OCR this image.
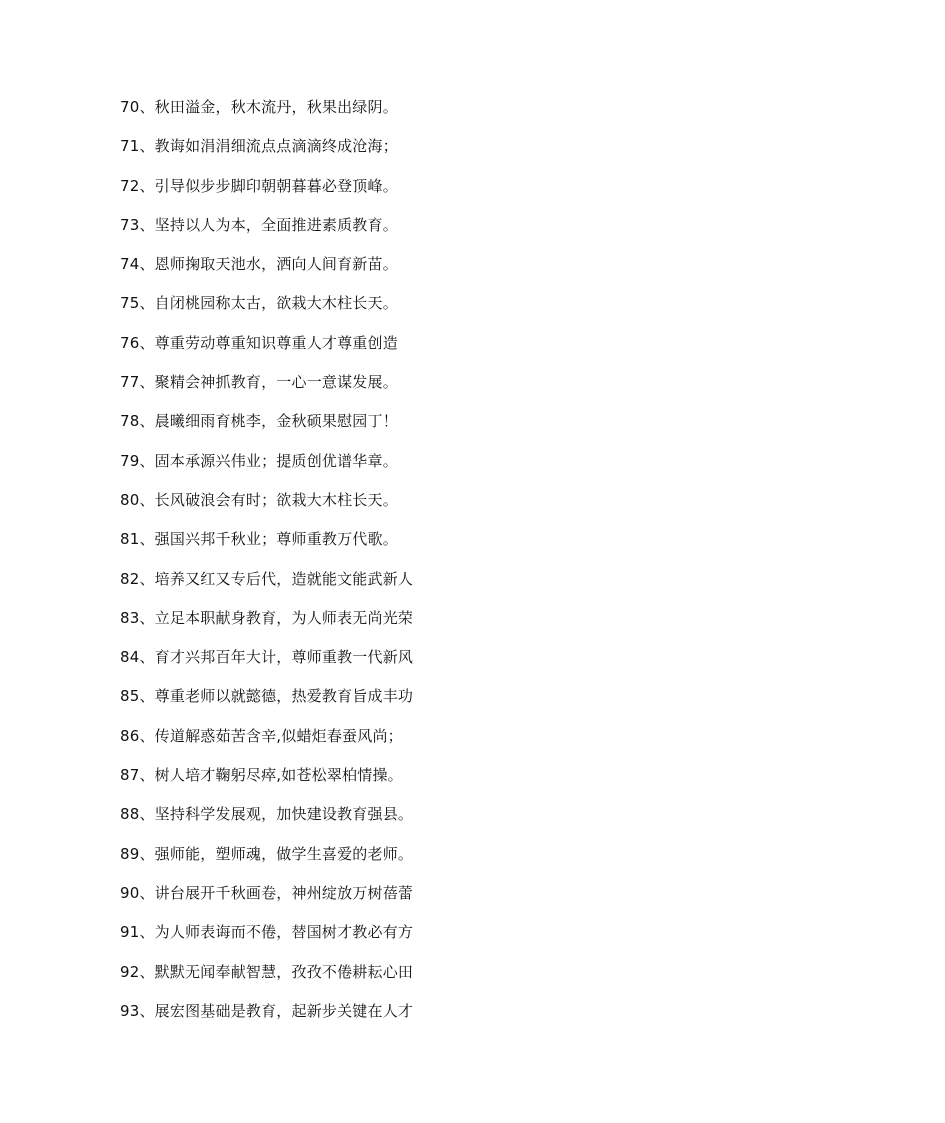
70、秋田溢金，秋木流丹，秋果出绿阴。
71、教诲如涓涓细流点点滴滴终成沧海；
72、引导似步步脚印朝朝暮暮必登顶峰。
73、坚持以人为本，全面推进素质教育。
74、恩师掬取天池水，洒向人间育新苗。
75、自闭桃园称太古，欲栽大木柱长天。
76、尊重劳动尊重知识尊重人才尊重创造
77、聚精会神抓教育，一心一意谋发展。
78、晨曦细雨育桃李，金秋硕果慰园丁！
79、固本承源兴伟业；提质创优谱华章。
80、长风破浪会有时；欲栽大木柱长天。
81、强国兴邦千秋业；尊师重教万代歌。
82、培养又红又专后代，造就能文能武新人
83、立足本职献身教育，为人师表无尚光荣
84、育才兴邦百年大计，尊师重教一代新风
85、尊重老师以就懿德，热爱教育旨成丰功
86、传道解惑茹苦含辛,似蜡炬春蚕风尚；
87、树人培才鞠躬尽瘁,如苍松翠柏情操。
88、坚持科学发展观，加快建设教育强县。
89、强师能，塑师魂，做学生喜爱的老师。
90、讲台展开千秋画卷，神州绽放万树蓓蕾
91、为人师表诲而不倦，替国树才教必有方
92、默默无闻奉献智慧，孜孜不倦耕耘心田
93、展宏图基础是教育，起新步关键在人才
